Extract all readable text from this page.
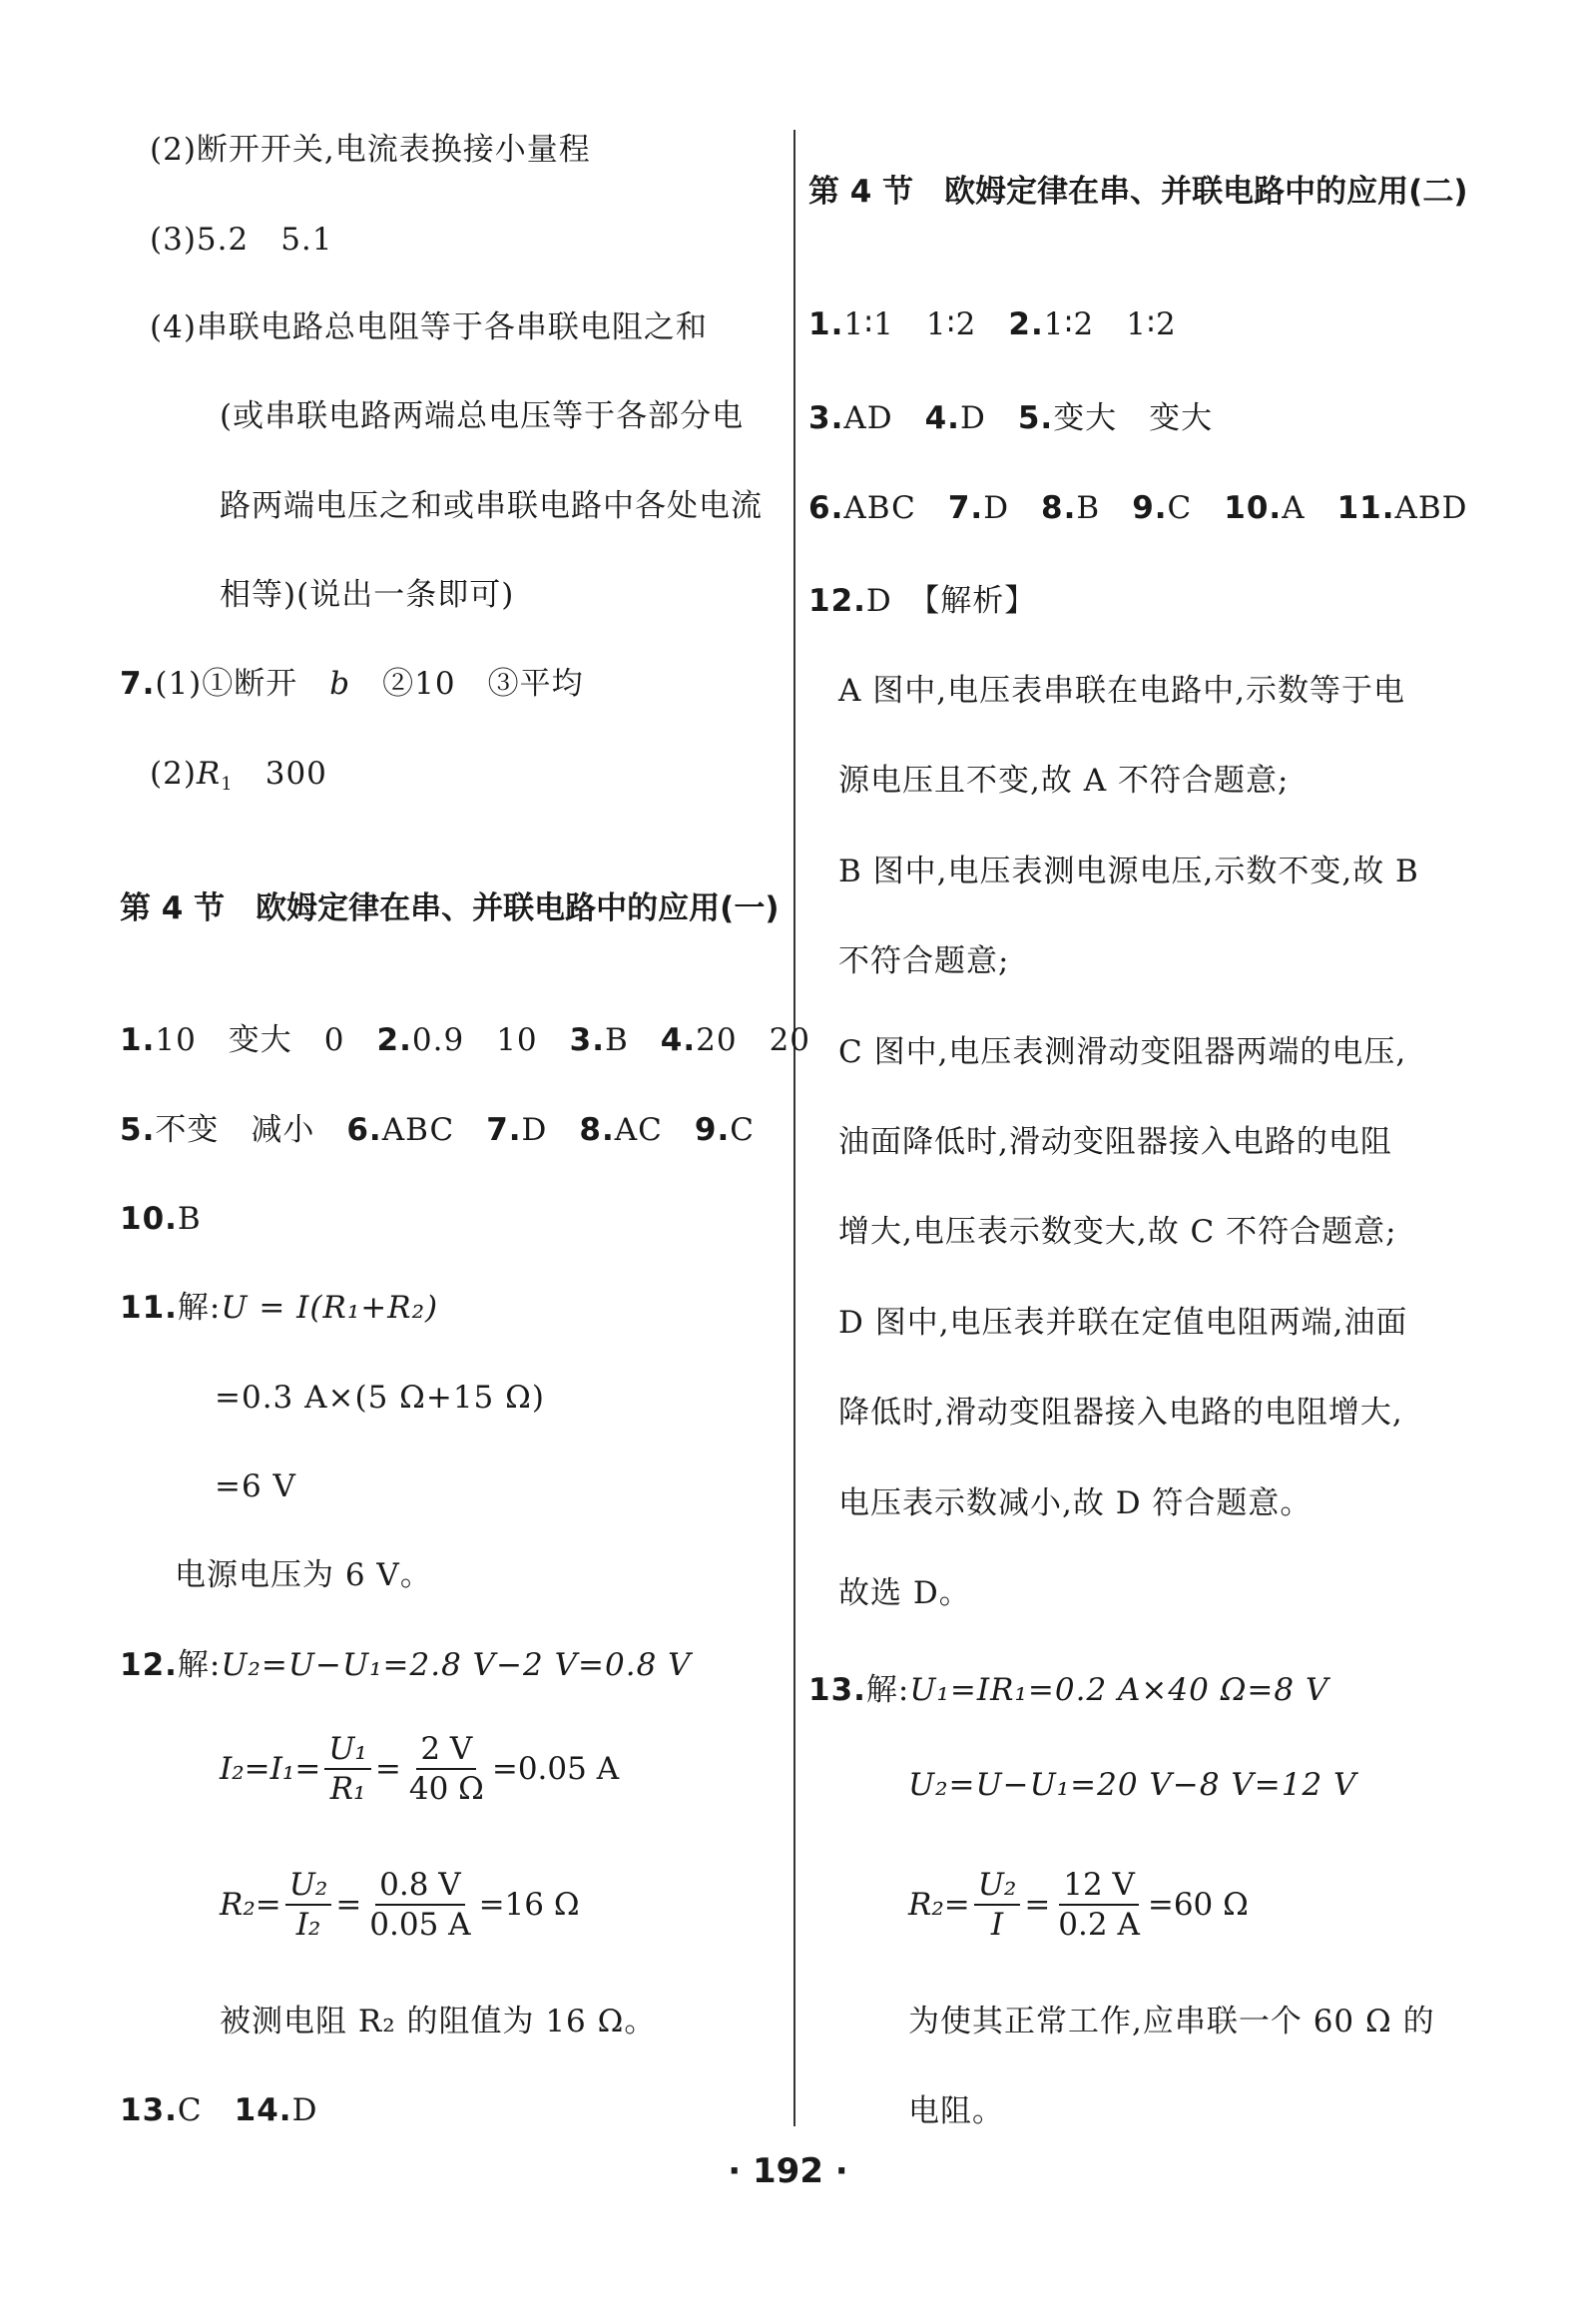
(2)断开开关,电流表换接小量程
(3)5.2　5.1
(4)串联电路总电阻等于各串联电阻之和
(或串联电路两端总电压等于各部分电
路两端电压之和或串联电路中各处电流
相等)(说出一条即可)
7.(1)①断开　b　②10　③平均
$(2)R_1$　300
第 4 节　欧姆定律在串、并联电路中的应用(一)
1.10　变大　0　2.0.9　10　3.B　4.20　20
5.不变　减小　6.ABC　7.D　8.AC　9.C
10.B
11.解:U = I(R₁+R₂)
=0.3 A×(5 Ω+15 Ω)
=6 V
电源电压为 6 V。
12.解:U₂=U−U₁=2.8 V−2 V=0.8 V
$I_2=I_1= \frac{\text{U₁}}{\text{R₁}} = \frac{2 V}{40 \Omega} =0.05$ A
$R_2= \frac{\text{U₂}}{\text{I₂}} = \frac{0.8 V}{0.05 A} =16$ Ω
被测电阻 R₂ 的阻值为 16 Ω。
13.C　14.D
第 4 节　欧姆定律在串、并联电路中的应用(二)
1.1∶1　1∶2　2.1∶2　1∶2
3.AD　4.D　5.变大　变大
6.ABC　7.D　8.B　9.C　10.A　11.ABD
12.D　【解析】
A 图中,电压表串联在电路中,示数等于电
源电压且不变,故 A 不符合题意;
B 图中,电压表测电源电压,示数不变,故 B
不符合题意;
C 图中,电压表测滑动变阻器两端的电压,
油面降低时,滑动变阻器接入电路的电阻
增大,电压表示数变大,故 C 不符合题意;
D 图中,电压表并联在定值电阻两端,油面
降低时,滑动变阻器接入电路的电阻增大,
电压表示数减小,故 D 符合题意。
故选 D。
13.解:U₁=IR₁=0.2 A×40 Ω=8 V
U₂=U−U₁=20 V−8 V=12 V
$R_2= \frac{\text{U₂}}{I} = \frac{12 V}{0.2 A} =60$ Ω
为使其正常工作,应串联一个 60 Ω 的
电阻。
· 192 ·
